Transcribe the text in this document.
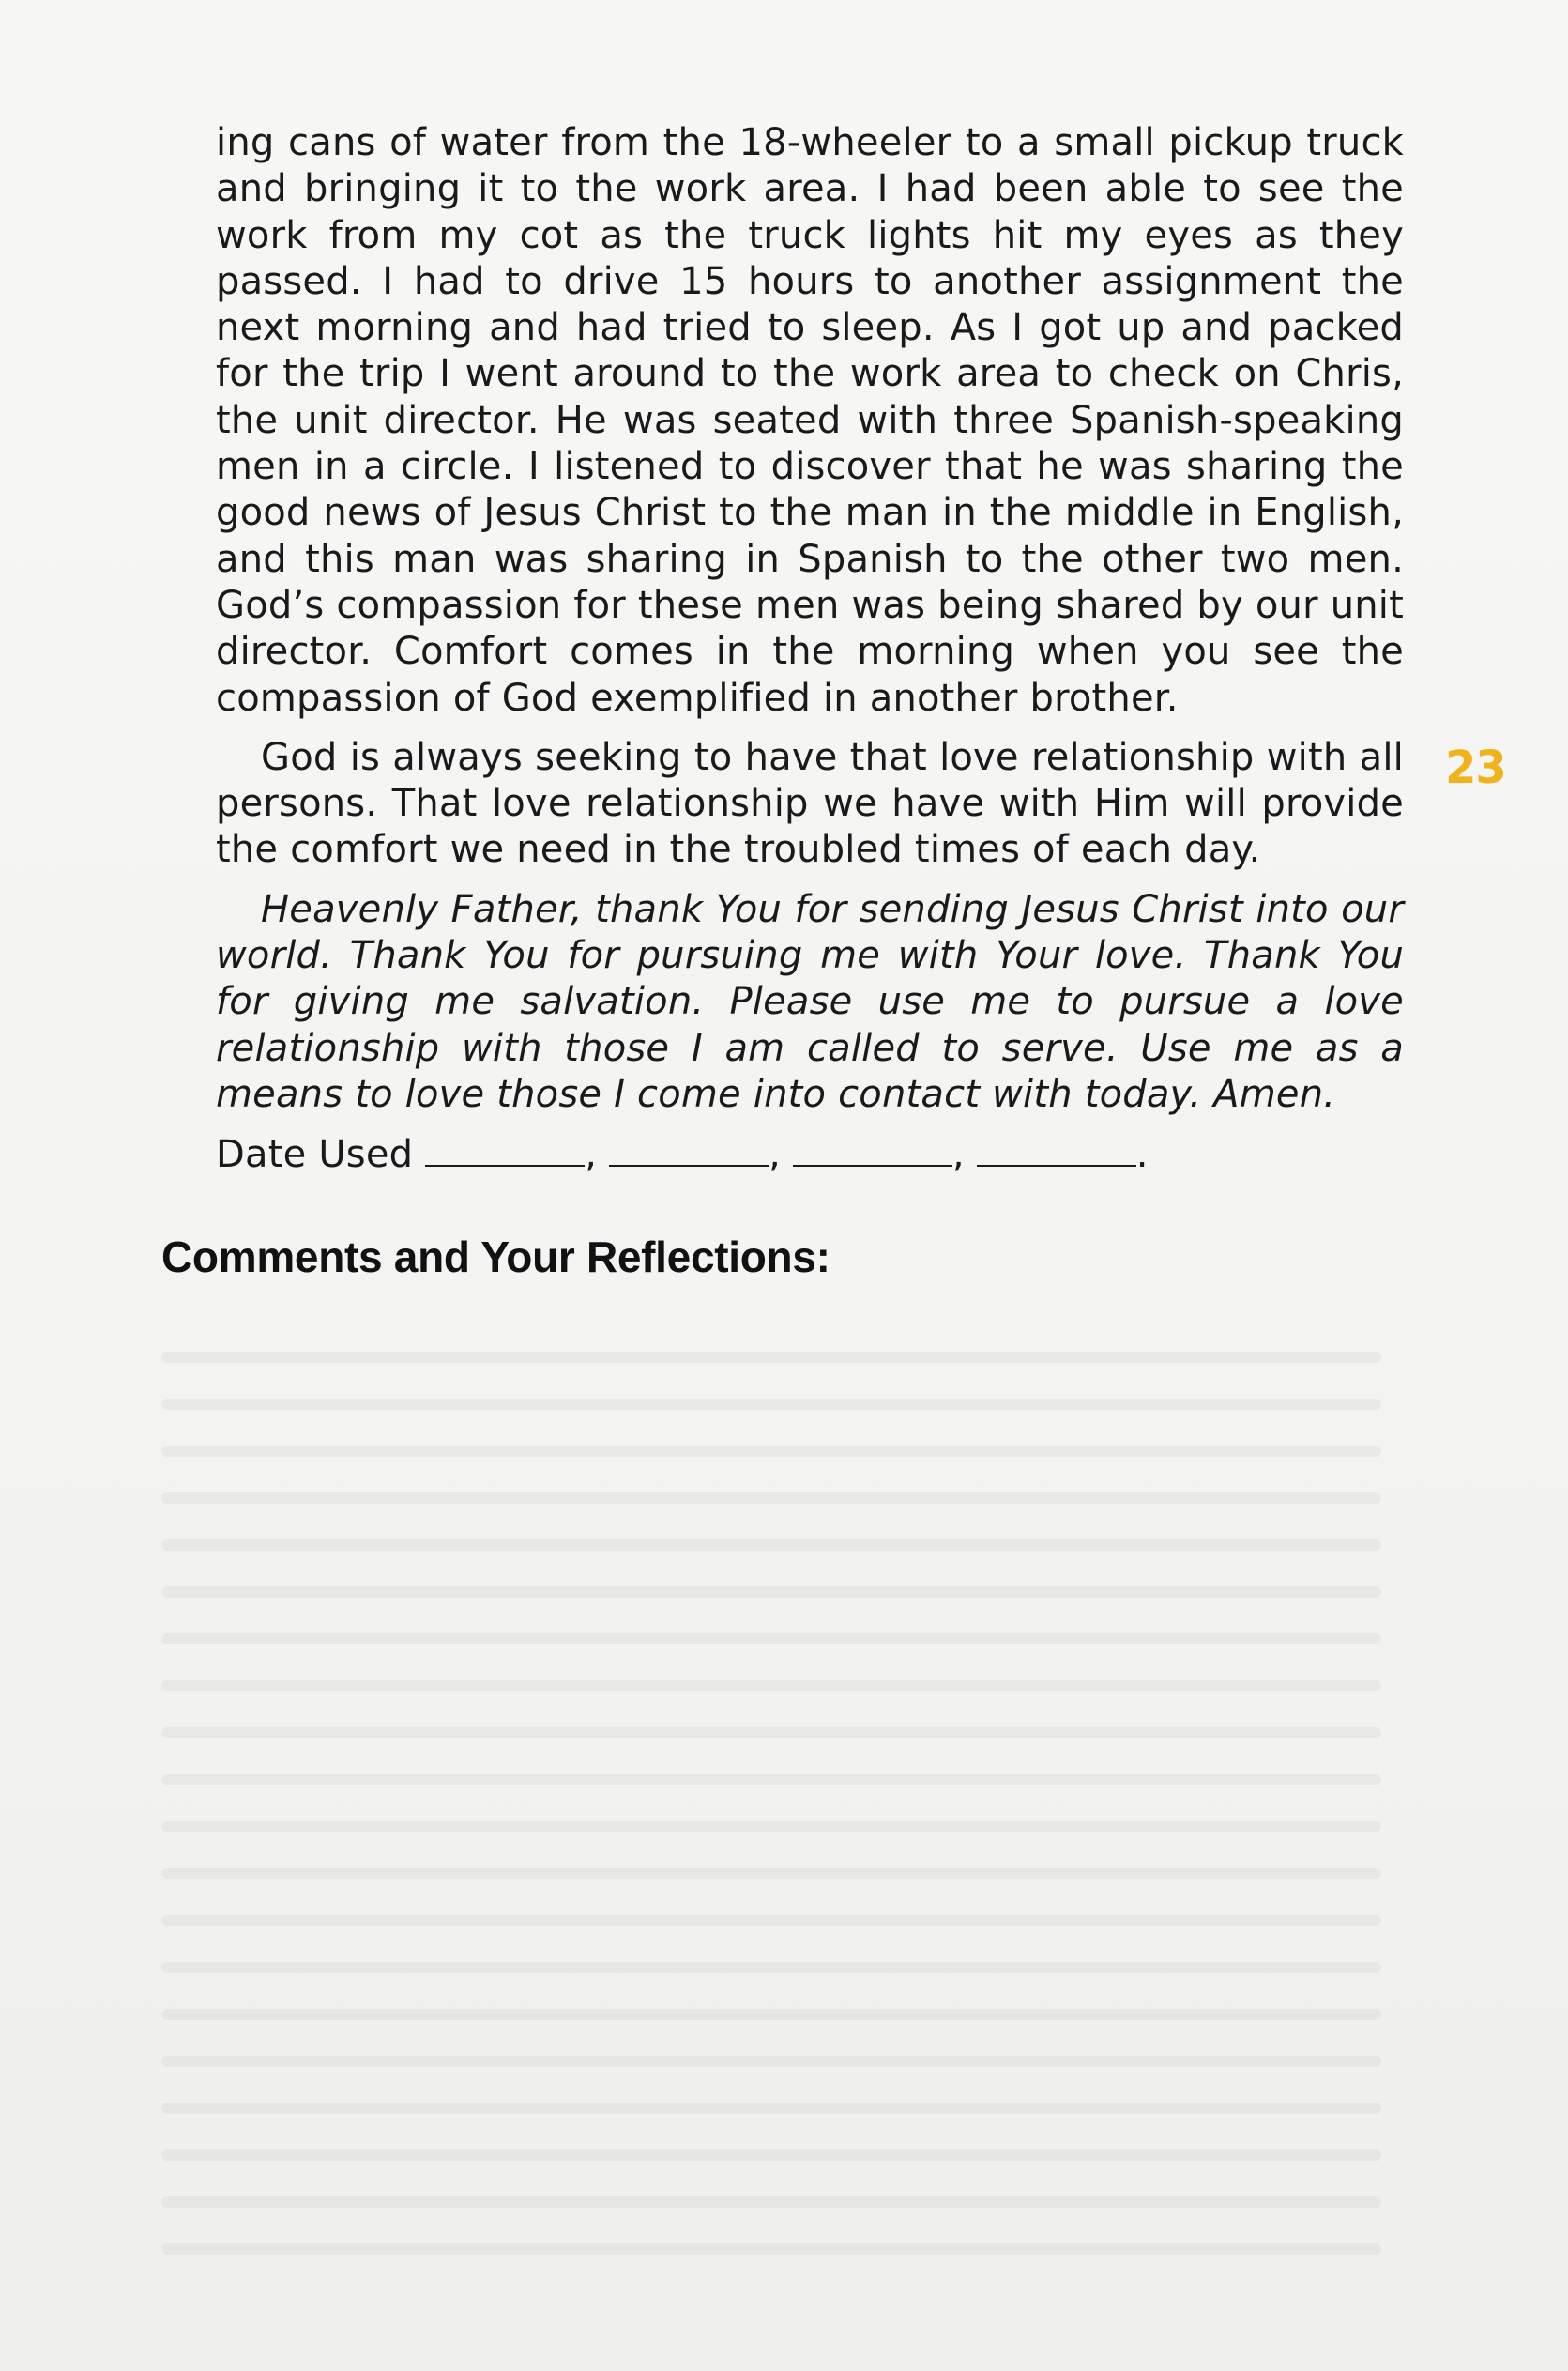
ing cans of water from the 18-wheeler to a small pickup truck and bringing it to the work area. I had been able to see the work from my cot as the truck lights hit my eyes as they passed. I had to drive 15 hours to another assignment the next morning and had tried to sleep. As I got up and packed for the trip I went around to the work area to check on Chris, the unit director. He was seated with three Spanish-speaking men in a circle. I listened to discover that he was sharing the good news of Jesus Christ to the man in the middle in English, and this man was sharing in Spanish to the other two men. God’s compassion for these men was being shared by our unit director. Comfort comes in the morning when you see the compassion of God exemplified in another brother.

God is always seeking to have that love relationship with all persons. That love relationship we have with Him will provide the comfort we need in the troubled times of each day.

Heavenly Father, thank You for sending Jesus Christ into our world. Thank You for pursuing me with Your love. Thank You for giving me salvation. Please use me to pursue a love relationship with those I am called to serve. Use me as a means to love those I come into contact with today. Amen.

Date Used	,	,	,	.

Comments and Your Reflections:
23
